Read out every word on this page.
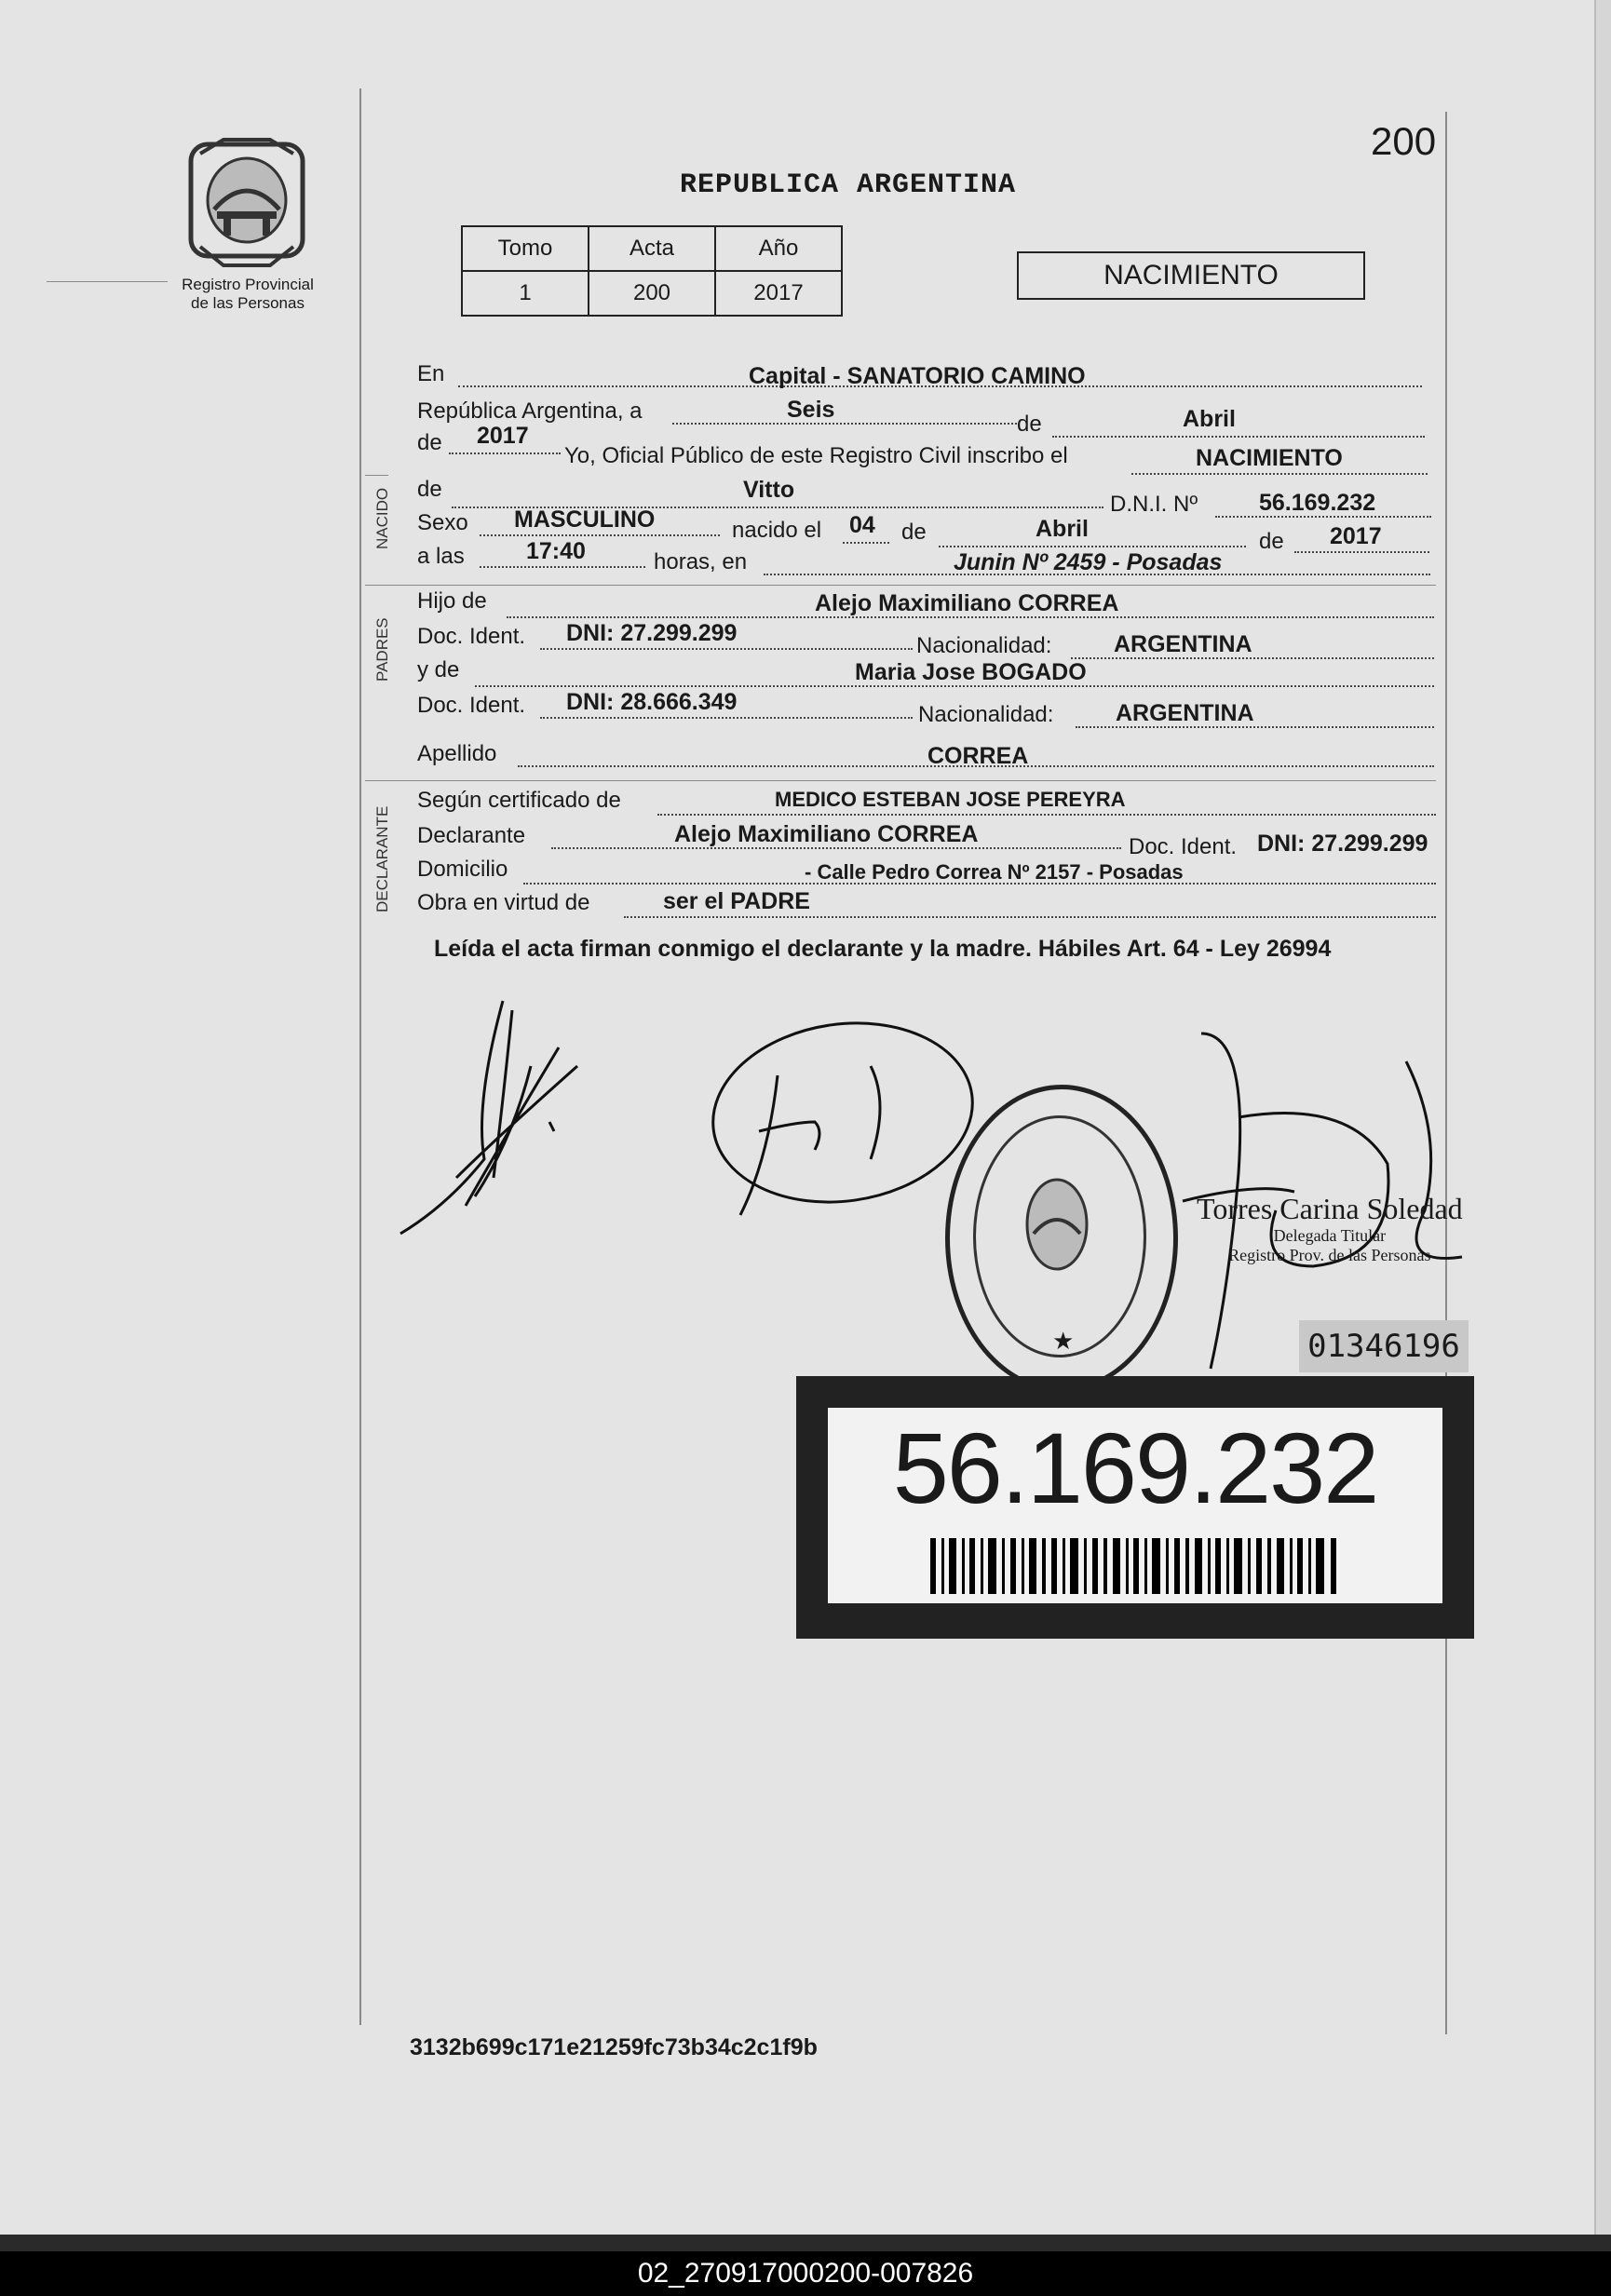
Registro Provincial
de las Personas
REPUBLICA ARGENTINA
200
Tomo	Acta	Año
1	200	2017
NACIMIENTO
NACIDO
PADRES
DECLARANTE
En	Capital - SANATORIO CAMINO
República Argentina, a	Seis
de	Abril
de 2017
Yo, Oficial Público de este Registro Civil inscribo el	NACIMIENTO
de	Vitto
D.N.I. Nº	56.169.232
Sexo MASCULINO	nacido el 04 de	Abril	de 2017
a las	17:40	horas, en	Junin Nº 2459 - Posadas
Hijo de	Alejo Maximiliano CORREA
Doc. Ident. DNI: 27.299.299	Nacionalidad:	ARGENTINA
y de	Maria Jose BOGADO
Doc. Ident. DNI: 28.666.349	Nacionalidad:	ARGENTINA
Apellido	CORREA
Según certificado de	MEDICO ESTEBAN JOSE PEREYRA
Declarante	Alejo Maximiliano CORREA	Doc. Ident. DNI: 27.299.299
Domicilio	- Calle Pedro Correa Nº 2157 - Posadas
Obra en virtud de	ser el PADRE
Leída el acta firman conmigo el declarante y la madre. Hábiles Art. 64 - Ley 26994
★
Torres Carina Soledad
Delegada Titular
Registro Prov. de las Personas
01346196
56.169.232
3132b699c171e21259fc73b34c2c1f9b
02_270917000200-007826
